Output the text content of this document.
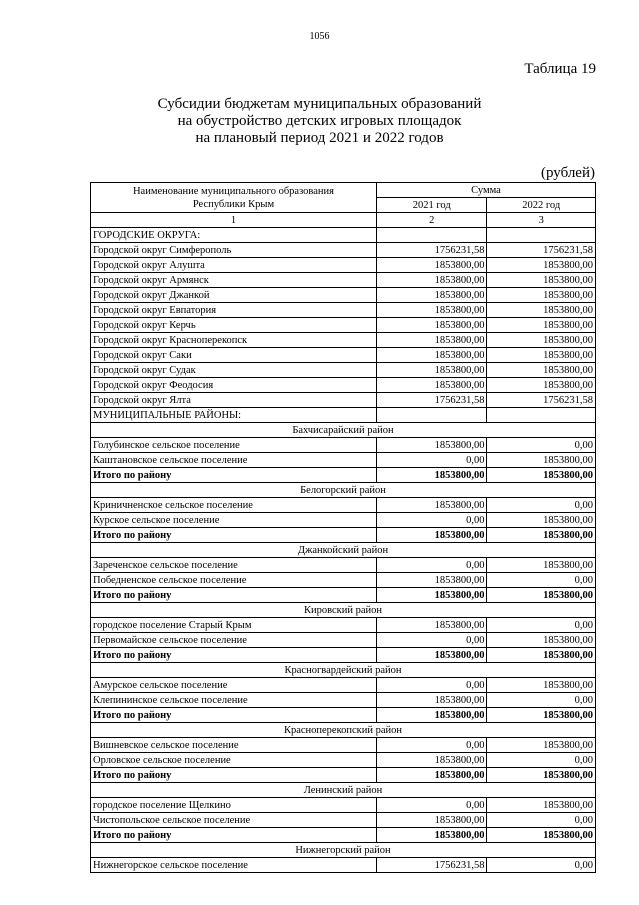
1056
Таблица 19
Субсидии бюджетам муниципальных образований
на обустройство детских игровых площадок
на плановый период 2021 и 2022 годов
(рублей)
Наименование муниципального образования
Республики Крым	Сумма	
	2021 год	2022 год
1	2	3
ГОРОДСКИЕ ОКРУГА:		
Городской округ Симферополь	1756231,58	1756231,58
Городской округ Алушта	1853800,00	1853800,00
Городской округ Армянск	1853800,00	1853800,00
Городской округ Джанкой	1853800,00	1853800,00
Городской округ Евпатория	1853800,00	1853800,00
Городской округ Керчь	1853800,00	1853800,00
Городской округ Красноперекопск	1853800,00	1853800,00
Городской округ Саки	1853800,00	1853800,00
Городской округ Судак	1853800,00	1853800,00
Городской округ Феодосия	1853800,00	1853800,00
Городской округ Ялта	1756231,58	1756231,58
МУНИЦИПАЛЬНЫЕ РАЙОНЫ:		
Бахчисарайский район		
Голубинское сельское поселение	1853800,00	0,00
Каштановское сельское поселение	0,00	1853800,00
Итого по району	1853800,00	1853800,00
Белогорский район		
Криничненское сельское поселение	1853800,00	0,00
Курское сельское поселение	0,00	1853800,00
Итого по району	1853800,00	1853800,00
Джанкойский район		
Зареченское сельское поселение	0,00	1853800,00
Победненское сельское поселение	1853800,00	0,00
Итого по району	1853800,00	1853800,00
Кировский район		
городское поселение Старый Крым	1853800,00	0,00
Первомайское сельское поселение	0,00	1853800,00
Итого по району	1853800,00	1853800,00
Красногвардейский район		
Амурское сельское поселение	0,00	1853800,00
Клепининское сельское поселение	1853800,00	0,00
Итого по району	1853800,00	1853800,00
Красноперекопский район		
Вишневское сельское поселение	0,00	1853800,00
Орловское сельское поселение	1853800,00	0,00
Итого по району	1853800,00	1853800,00
Ленинский район		
городское поселение Щелкино	0,00	1853800,00
Чистопольское сельское поселение	1853800,00	0,00
Итого по району	1853800,00	1853800,00
Нижнегорский район		
Нижнегорское сельское поселение	1756231,58	0,00
